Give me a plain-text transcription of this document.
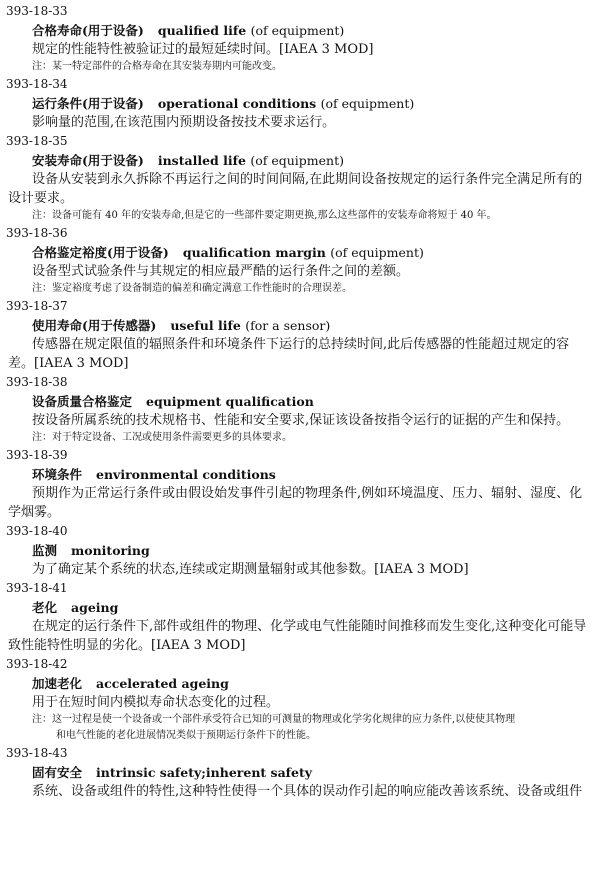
393-18-33
合格寿命(用于设备) qualified life (of equipment)
规定的性能特性被验证过的最短延续时间。[IAEA 3 MOD]
注：某一特定部件的合格寿命在其安装寿期内可能改变。
393-18-34
运行条件(用于设备) operational conditions (of equipment)
影响量的范围,在该范围内预期设备按技术要求运行。
393-18-35
安装寿命(用于设备) installed life (of equipment)
设备从安装到永久拆除不再运行之间的时间间隔,在此期间设备按规定的运行条件完全满足所有的设计要求。
注：设备可能有 40 年的安装寿命,但是它的一些部件要定期更换,那么这些部件的安装寿命将短于 40 年。
393-18-36
合格鉴定裕度(用于设备) qualification margin (of equipment)
设备型式试验条件与其规定的相应最严酷的运行条件之间的差额。
注：鉴定裕度考虑了设备制造的偏差和确定满意工作性能时的合理误差。
393-18-37
使用寿命(用于传感器) useful life (for a sensor)
传感器在规定限值的辐照条件和环境条件下运行的总持续时间,此后传感器的性能超过规定的容差。[IAEA 3 MOD]
393-18-38
设备质量合格鉴定 equipment qualification
按设备所属系统的技术规格书、性能和安全要求,保证该设备按指令运行的证据的产生和保持。
注：对于特定设备、工况或使用条件需要更多的具体要求。
393-18-39
环境条件 environmental conditions
预期作为正常运行条件或由假设始发事件引起的物理条件,例如环境温度、压力、辐射、湿度、化学烟雾。
393-18-40
监测 monitoring
为了确定某个系统的状态,连续或定期测量辐射或其他参数。[IAEA 3 MOD]
393-18-41
老化 ageing
在规定的运行条件下,部件或组件的物理、化学或电气性能随时间推移而发生变化,这种变化可能导致性能特性明显的劣化。[IAEA 3 MOD]
393-18-42
加速老化 accelerated ageing
用于在短时间内模拟寿命状态变化的过程。
注：这一过程是使一个设备或一个部件承受符合已知的可测量的物理或化学劣化规律的应力条件,以使使其物理
和电气性能的老化进展情况类似于预期运行条件下的性能。
393-18-43
固有安全 intrinsic safety;inherent safety
系统、设备或组件的特性,这种特性使得一个具体的误动作引起的响应能改善该系统、设备或组件
